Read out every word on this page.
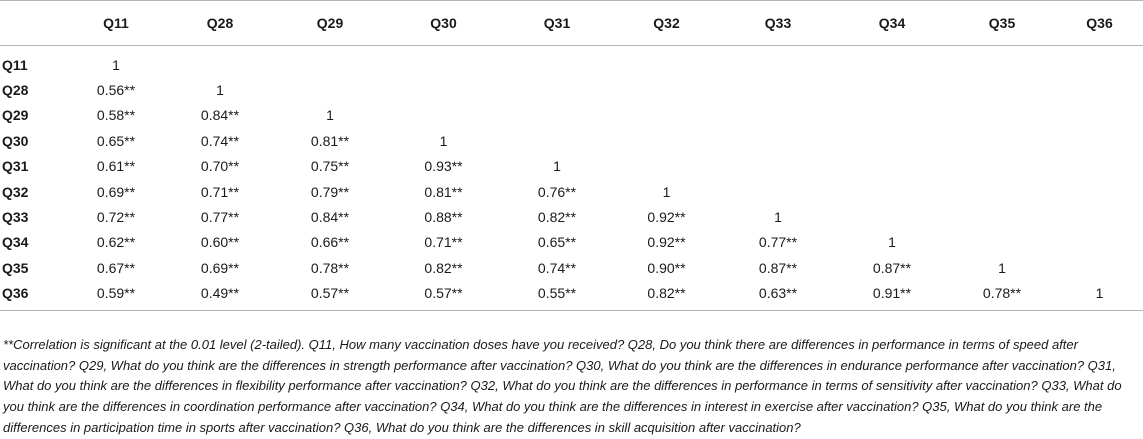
	Q11	Q28	Q29	Q30	Q31	Q32	Q33	Q34	Q35	Q36
Q11	1									
Q28	0.56**	1								
Q29	0.58**	0.84**	1							
Q30	0.65**	0.74**	0.81**	1						
Q31	0.61**	0.70**	0.75**	0.93**	1					
Q32	0.69**	0.71**	0.79**	0.81**	0.76**	1				
Q33	0.72**	0.77**	0.84**	0.88**	0.82**	0.92**	1			
Q34	0.62**	0.60**	0.66**	0.71**	0.65**	0.92**	0.77**	1		
Q35	0.67**	0.69**	0.78**	0.82**	0.74**	0.90**	0.87**	0.87**	1	
Q36	0.59**	0.49**	0.57**	0.57**	0.55**	0.82**	0.63**	0.91**	0.78**	1
**Correlation is significant at the 0.01 level (2-tailed). Q11, How many vaccination doses have you received? Q28, Do you think there are differences in performance in terms of speed after vaccination? Q29, What do you think are the differences in strength performance after vaccination? Q30, What do you think are the differences in endurance performance after vaccination? Q31, What do you think are the differences in flexibility performance after vaccination? Q32, What do you think are the differences in performance in terms of sensitivity after vaccination? Q33, What do you think are the differences in coordination performance after vaccination? Q34, What do you think are the differences in interest in exercise after vaccination? Q35, What do you think are the differences in participation time in sports after vaccination? Q36, What do you think are the differences in skill acquisition after vaccination?
